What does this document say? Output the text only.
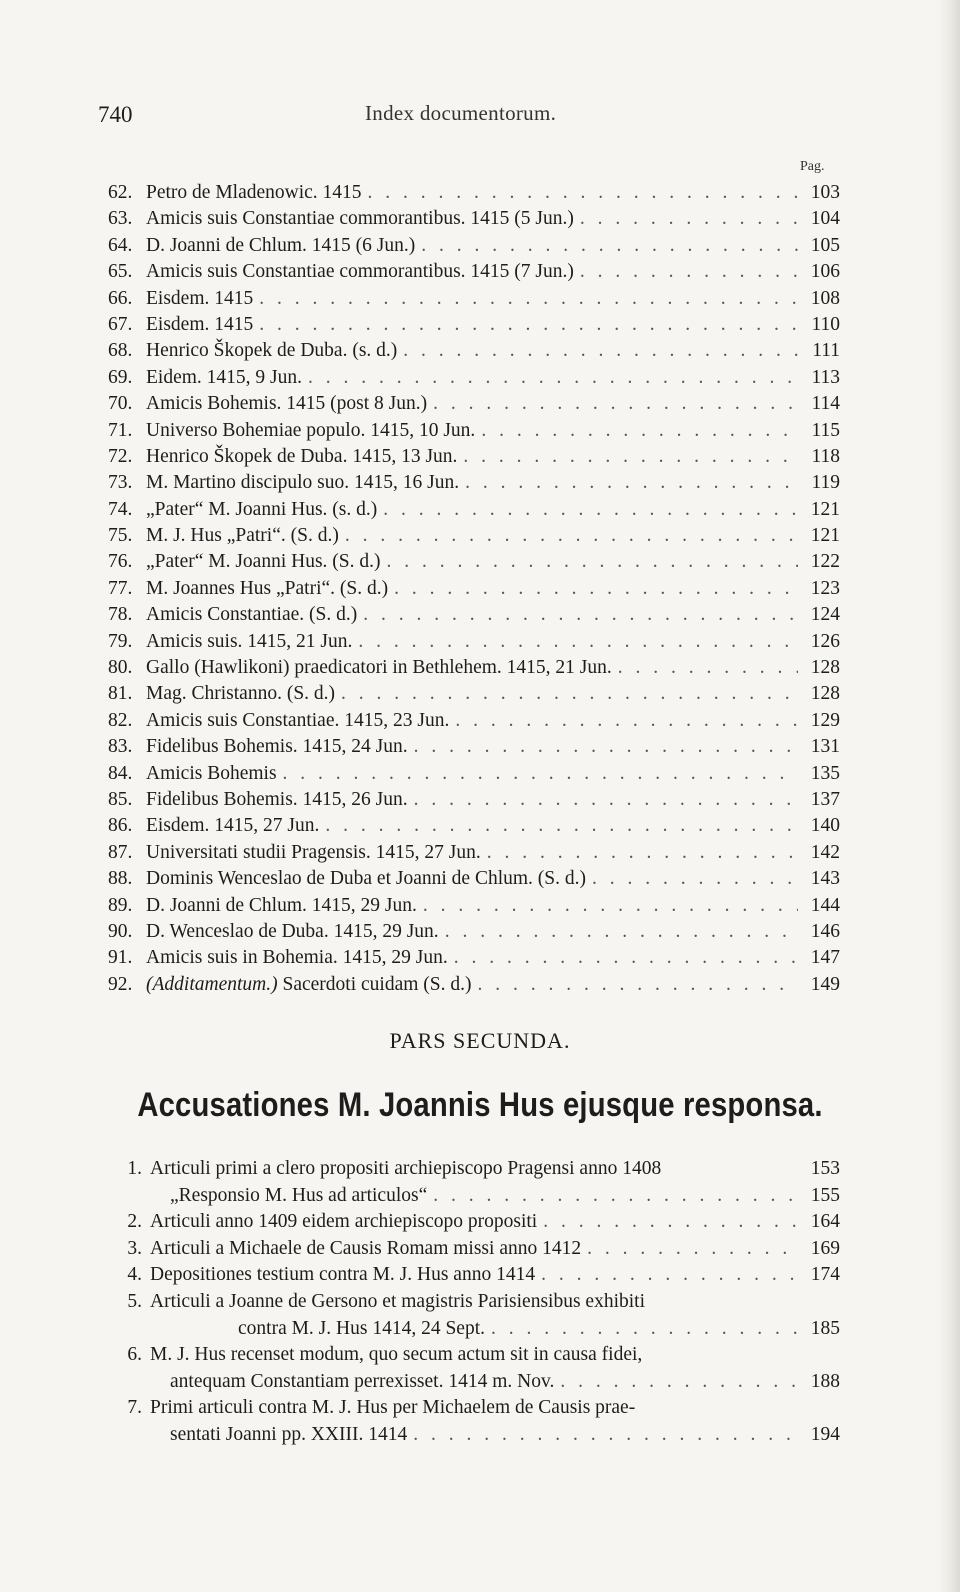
740	Index documentorum.
Pag.
62. Petro de Mladenowic. 1415 . . .	103
63. Amicis suis Constantiae commorantibus. 1415 (5 Jun.) . . .	104
64. D. Joanni de Chlum. 1415 (6 Jun.) . . .	105
65. Amicis suis Constantiae commorantibus. 1415 (7 Jun.) . . .	106
66. Eisdem. 1415 . . .	108
67. Eisdem. 1415 . . .	110
68. Henrico Škopek de Duba. (s. d.) . . .	111
69. Eidem. 1415, 9 Jun. . . .	113
70. Amicis Bohemis. 1415 (post 8 Jun.) . . .	114
71. Universo Bohemiae populo. 1415, 10 Jun. . . .	115
72. Henrico Škopek de Duba. 1415, 13 Jun. . . .	118
73. M. Martino discipulo suo. 1415, 16 Jun. . . .	119
74. „Pater“ M. Joanni Hus. (s. d.) . . .	121
75. M. J. Hus „Patri“. (S. d.) . . .	121
76. „Pater“ M. Joanni Hus. (S. d.) . . .	122
77. M. Joannes Hus „Patri“. (S. d.) . . .	123
78. Amicis Constantiae. (S. d.) . . .	124
79. Amicis suis. 1415, 21 Jun. . . .	126
80. Gallo (Hawlikoni) praedicatori in Bethlehem. 1415, 21 Jun. . . .	128
81. Mag. Christanno. (S. d.) . . .	128
82. Amicis suis Constantiae. 1415, 23 Jun. . . .	129
83. Fidelibus Bohemis. 1415, 24 Jun. . . .	131
84. Amicis Bohemis . . .	135
85. Fidelibus Bohemis. 1415, 26 Jun. . . .	137
86. Eisdem. 1415, 27 Jun. . . .	140
87. Universitati studii Pragensis. 1415, 27 Jun. . . .	142
88. Dominis Wenceslao de Duba et Joanni de Chlum. (S. d.) . . .	143
89. D. Joanni de Chlum. 1415, 29 Jun. . . .	144
90. D. Wenceslao de Duba. 1415, 29 Jun. . . .	146
91. Amicis suis in Bohemia. 1415, 29 Jun. . . .	147
92. (Additamentum.) Sacerdoti cuidam (S. d.) . . .	149
PARS SECUNDA.
Accusationes M. Joannis Hus ejusque responsa.
1. Articuli primi a clero propositi archiepiscopo Pragensi anno 1408	153
„Responsio M. Hus ad articulos“ . . .	155
2. Articuli anno 1409 eidem archiepiscopo propositi . . .	164
3. Articuli a Michaele de Causis Romam missi anno 1412 . . .	169
4. Depositiones testium contra M. J. Hus anno 1414 . . .	174
5. Articuli a Joanne de Gersono et magistris Parisiensibus exhibiti
contra M. J. Hus 1414, 24 Sept. . . .	185
6. M. J. Hus recenset modum, quo secum actum sit in causa fidei,
antequam Constantiam perrexisset. 1414 m. Nov. . . .	188
7. Primi articuli contra M. J. Hus per Michaelem de Causis prae-
sentati Joanni pp. XXIII. 1414 . . .	194
